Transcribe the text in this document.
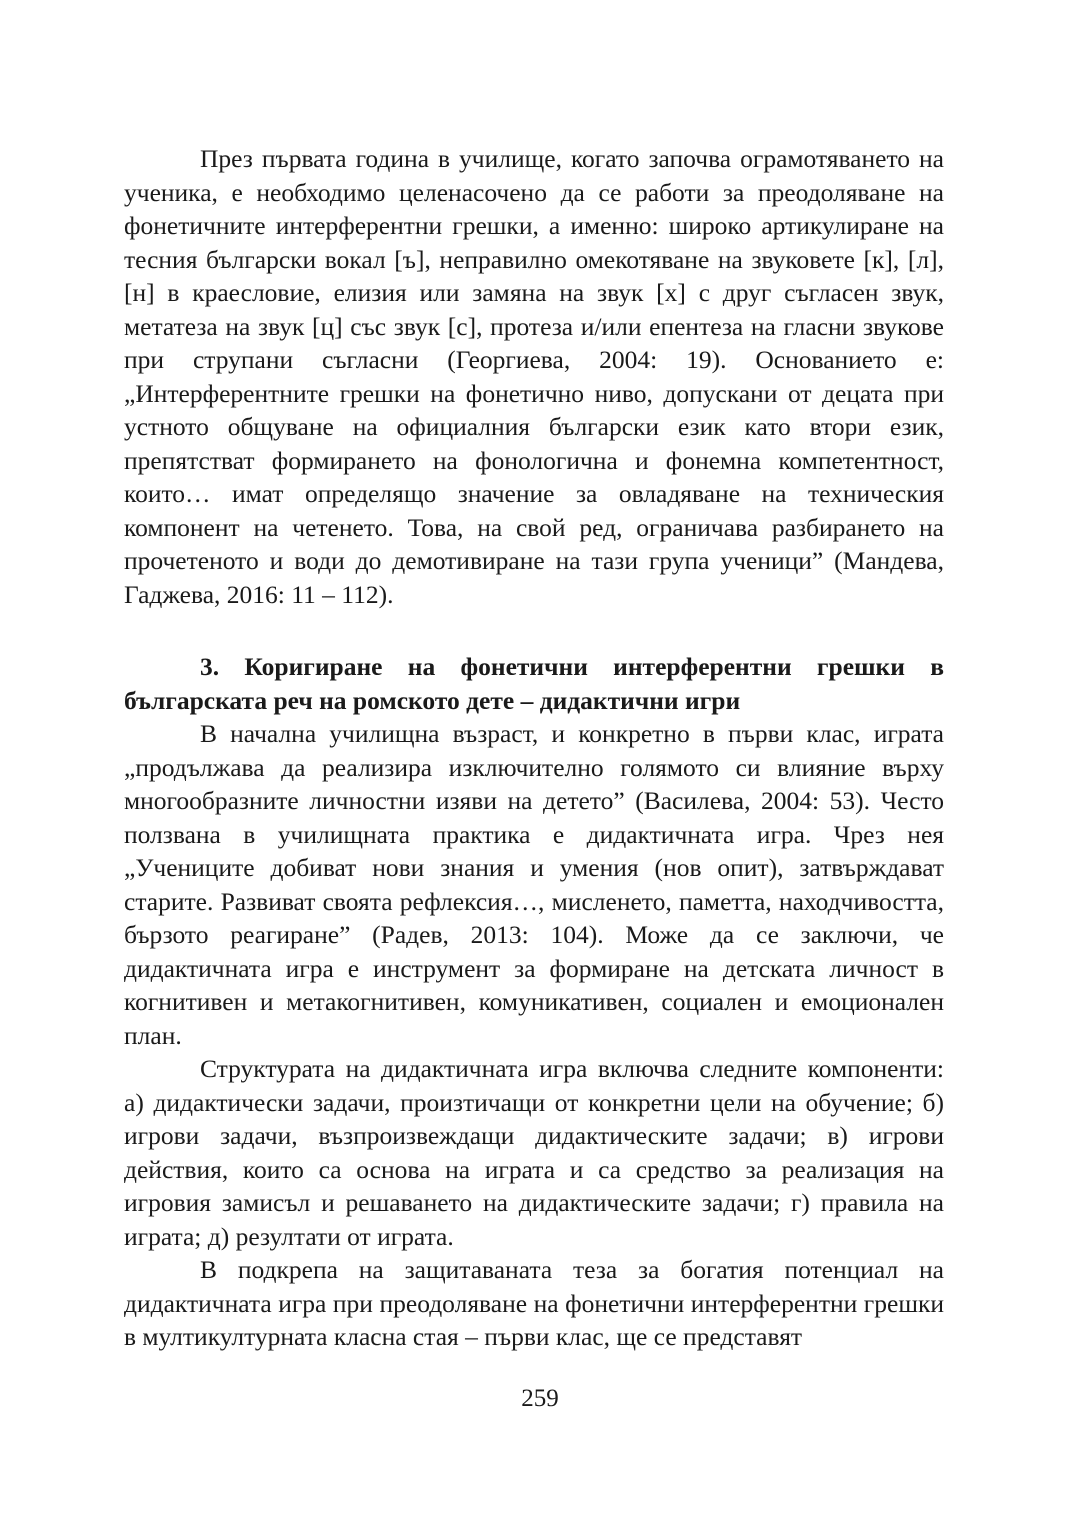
През първата година в училище, когато започва ограмотяването на ученика, е необходимо целенасочено да се работи за преодоляване на фонетичните интерферентни грешки, а именно: широко артикулиране на тесния български вокал [ъ], неправилно омекотяване на звуковете [к], [л], [н] в краесловие, елизия или замяна на звук [х] с друг съгласен звук, метатеза на звук [ц] със звук [с], протеза и/или епентеза на гласни звукове при струпани съгласни (Георгиева, 2004: 19). Основанието е: „Интерферентните грешки на фонетично ниво, допускани от децата при устното общуване на официалния български език като втори език, препятстват формирането на фонологична и фонемна компетентност, които… имат определящо значение за овладяване на техническия компонент на четенето. Това, на свой ред, ограничава разбирането на прочетеното и води до демотивиране на тази група ученици” (Мандева, Гаджева, 2016: 11 – 112).

3. Коригиране на фонетични интерферентни грешки в българската реч на ромското дете – дидактични игри

В начална училищна възраст, и конкретно в първи клас, играта „продължава да реализира изключително голямото си влияние върху многообразните личностни изяви на детето” (Василева, 2004: 53). Често ползвана в училищната практика е дидактичната игра. Чрез нея „Учениците добиват нови знания и умения (нов опит), затвърждават старите. Развиват своята рефлексия…, мисленето, паметта, находчивостта, бързото реагиране” (Радев, 2013: 104). Може да се заключи, че дидактичната игра е инструмент за формиране на детската личност в когнитивен и метакогнитивен, комуникативен, социален и емоционален план.

Структурата на дидактичната игра включва следните компоненти: а) дидактически задачи, произтичащи от конкретни цели на обучение; б) игрови задачи, възпроизвеждащи дидактическите задачи; в) игрови действия, които са основа на играта и са средство за реализация на игровия замисъл и решаването на дидактическите задачи; г) правила на играта; д) резултати от играта.

В подкрепа на защитаваната теза за богатия потенциал на дидактичната игра при преодоляване на фонетични интерферентни грешки в мултикултурната класна стая – първи клас, ще се представят

259
